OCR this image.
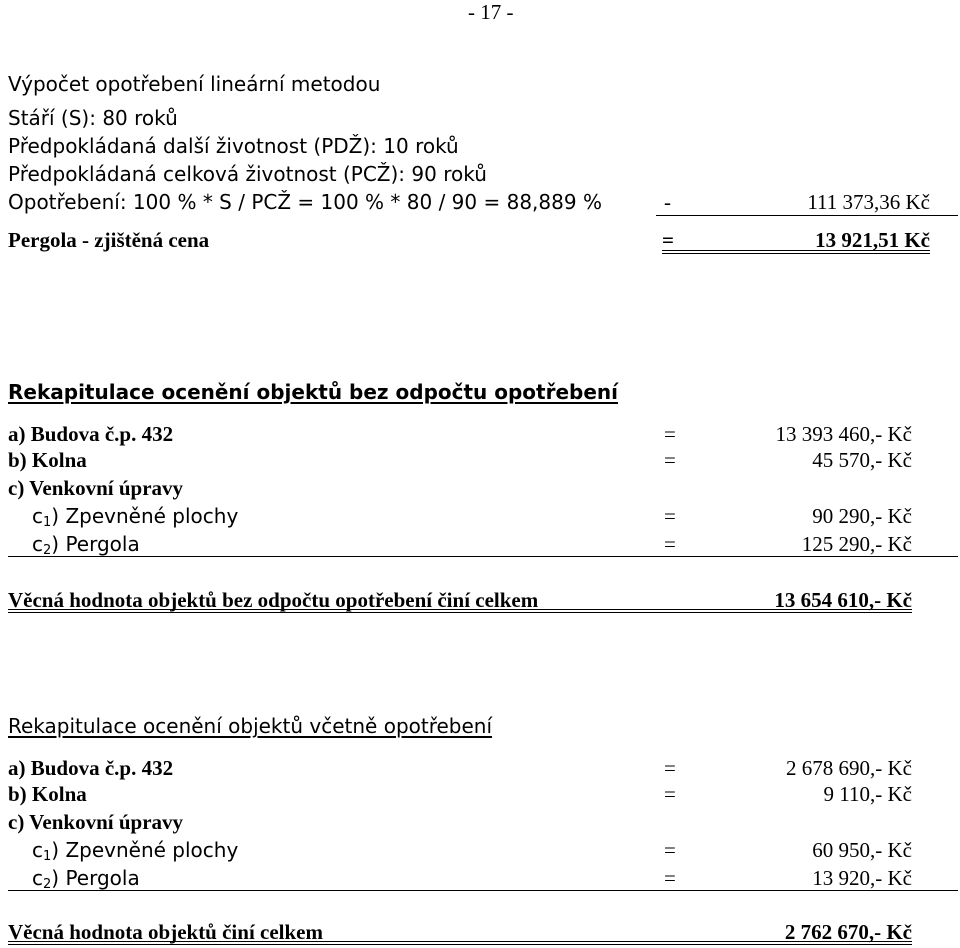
- 17 -
Výpočet opotřebení lineární metodou
Stáří (S): 80 roků
Předpokládaná další životnost (PDŽ): 10 roků
Předpokládaná celková životnost (PCŽ): 90 roků
Opotřebení: 100 % * S / PCŽ = 100 % * 80 / 90 = 88,889 %	-	111 373,36 Kč
Pergola - zjištěná cena	=	13 921,51 Kč
Rekapitulace ocenění objektů bez odpočtu opotřebení
a) Budova č.p. 432	=	13 393 460,- Kč
b) Kolna	=	45 570,- Kč
c) Venkovní úpravy
$c_1$) Zpevněné plochy	=	90 290,- Kč
$c_2$) Pergola	=	125 290,- Kč
Věcná hodnota objektů bez odpočtu opotřebení činí celkem	13 654 610,- Kč
Rekapitulace ocenění objektů včetně opotřebení
a) Budova č.p. 432	=	2 678 690,- Kč
b) Kolna	=	9 110,- Kč
c) Venkovní úpravy
$c_1$) Zpevněné plochy	=	60 950,- Kč
$c_2$) Pergola	=	13 920,- Kč
Věcná hodnota objektů činí celkem	2 762 670,- Kč
